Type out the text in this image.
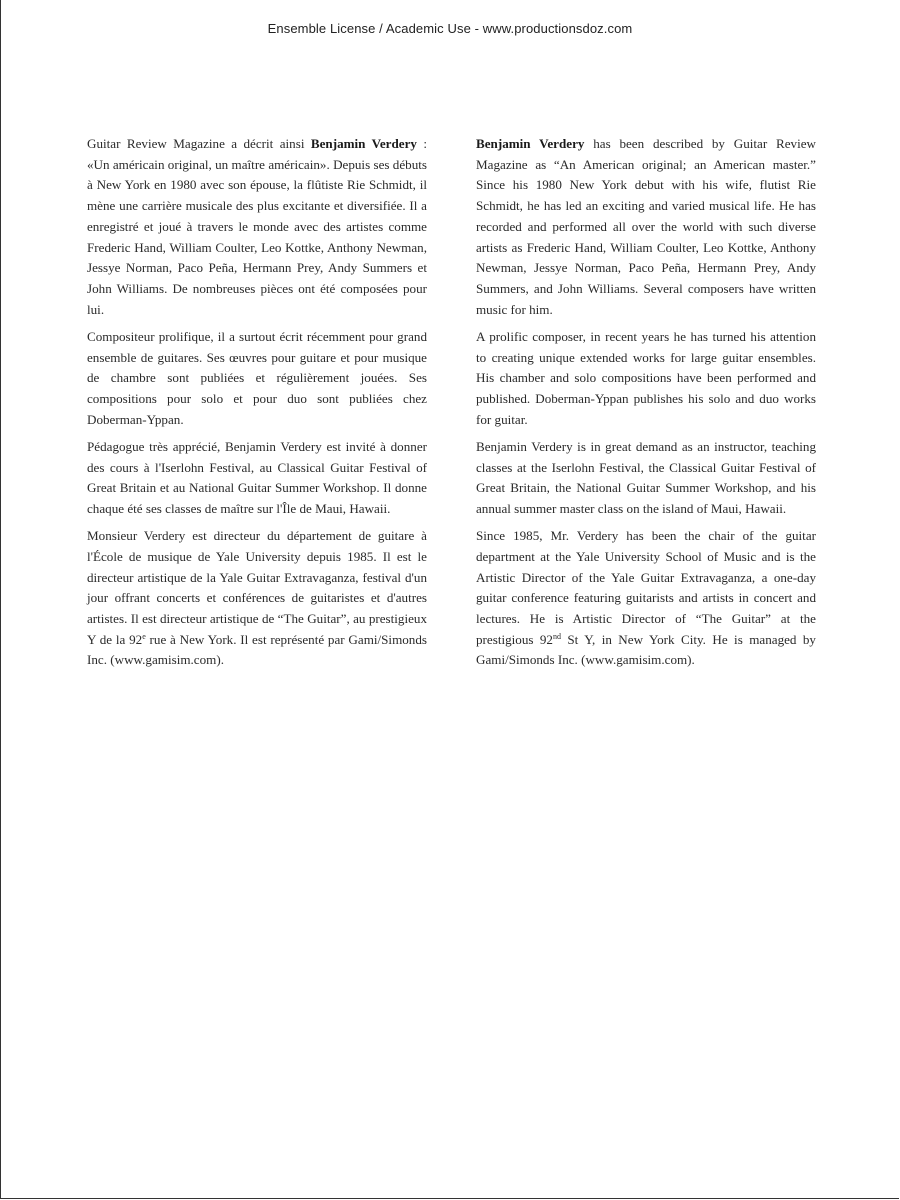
Ensemble License / Academic Use - www.productionsdoz.com

Guitar Review Magazine a décrit ainsi Benjamin Verdery : «Un américain original, un maître américain». Depuis ses débuts à New York en 1980 avec son épouse, la flûtiste Rie Schmidt, il mène une carrière musicale des plus excitante et diversifiée. Il a enregistré et joué à travers le monde avec des artistes comme Frederic Hand, William Coulter, Leo Kottke, Anthony Newman, Jessye Norman, Paco Peña, Hermann Prey, Andy Summers et John Williams. De nombreuses pièces ont été composées pour lui.

Compositeur prolifique, il a surtout écrit récemment pour grand ensemble de guitares. Ses œuvres pour guitare et pour musique de chambre sont publiées et régulièrement jouées. Ses compositions pour solo et pour duo sont publiées chez Doberman-Yppan.

Pédagogue très apprécié, Benjamin Verdery est invité à donner des cours à l'Iserlohn Festival, au Classical Guitar Festival of Great Britain et au National Guitar Summer Workshop. Il donne chaque été ses classes de maître sur l'Île de Maui, Hawaii.

Monsieur Verdery est directeur du département de guitare à l'École de musique de Yale University depuis 1985. Il est le directeur artistique de la Yale Guitar Extravaganza, festival d'un jour offrant concerts et conférences de guitaristes et d'autres artistes. Il est directeur artistique de “The Guitar”, au prestigieux Y de la 92e rue à New York. Il est représenté par Gami/Simonds Inc. (www.gamisim.com).

Benjamin Verdery has been described by Guitar Review Magazine as “An American original; an American master.” Since his 1980 New York debut with his wife, flutist Rie Schmidt, he has led an exciting and varied musical life. He has recorded and performed all over the world with such diverse artists as Frederic Hand, William Coulter, Leo Kottke, Anthony Newman, Jessye Norman, Paco Peña, Hermann Prey, Andy Summers, and John Williams. Several composers have written music for him.

A prolific composer, in recent years he has turned his attention to creating unique extended works for large guitar ensembles. His chamber and solo compositions have been performed and published. Doberman-Yppan publishes his solo and duo works for guitar.

Benjamin Verdery is in great demand as an instructor, teaching classes at the Iserlohn Festival, the Classical Guitar Festival of Great Britain, the National Guitar Summer Workshop, and his annual summer master class on the island of Maui, Hawaii.

Since 1985, Mr. Verdery has been the chair of the guitar department at the Yale University School of Music and is the Artistic Director of the Yale Guitar Extravaganza, a one-day guitar conference featuring guitarists and artists in concert and lectures. He is Artistic Director of “The Guitar” at the prestigious 92nd St Y, in New York City. He is managed by Gami/Simonds Inc. (www.gamisim.com).
